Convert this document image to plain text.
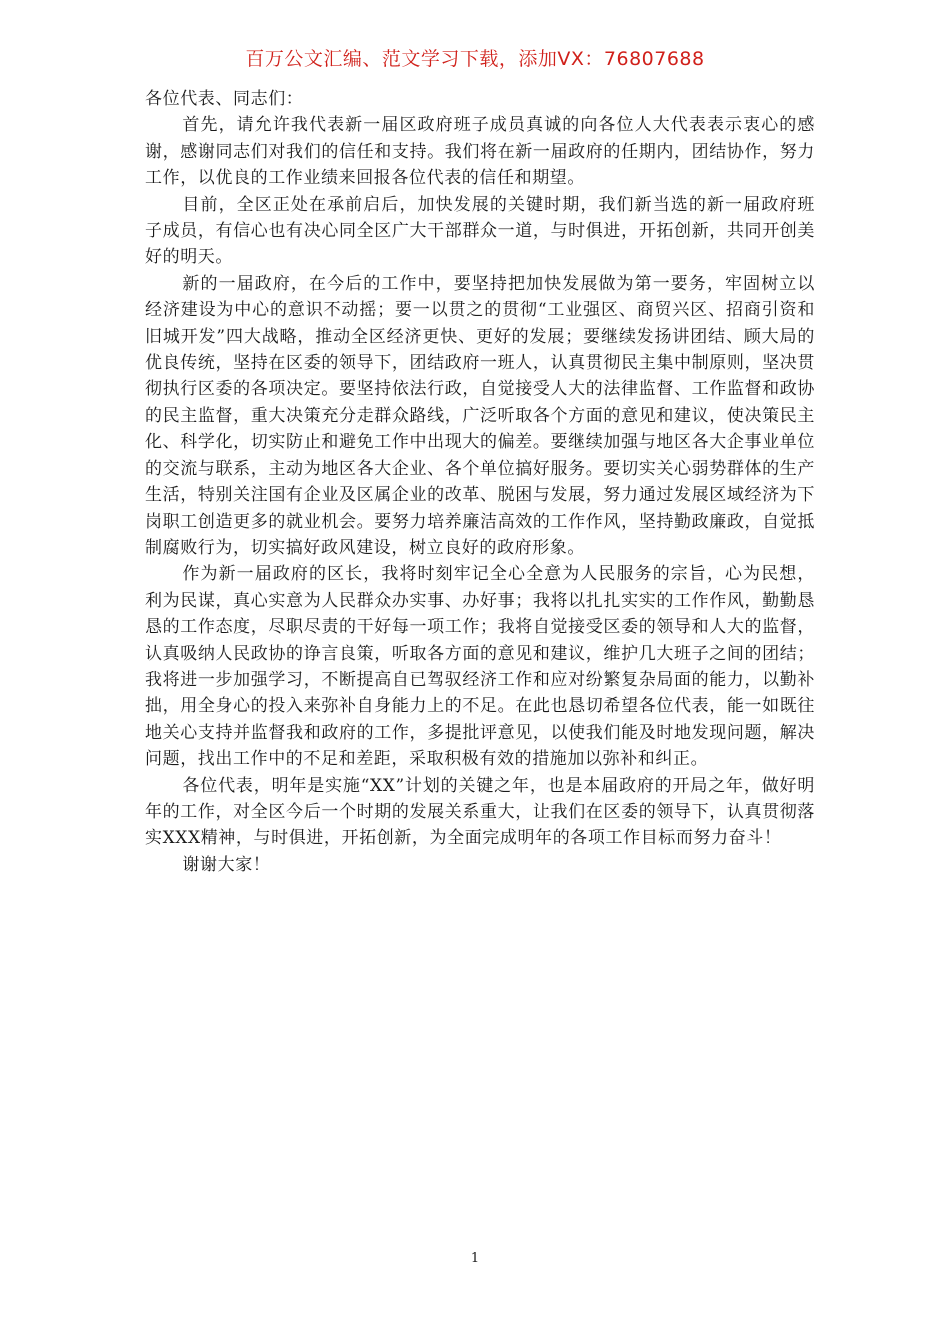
百万公文汇编、范文学习下载，添加VX：76807688

各位代表、同志们：

首先，请允许我代表新一届区政府班子成员真诚的向各位人大代表表示衷心的感谢，感谢同志们对我们的信任和支持。我们将在新一届政府的任期内，团结协作，努力工作，以优良的工作业绩来回报各位代表的信任和期望。

目前，全区正处在承前启后，加快发展的关键时期，我们新当选的新一届政府班子成员，有信心也有决心同全区广大干部群众一道，与时俱进，开拓创新，共同开创美好的明天。

新的一届政府，在今后的工作中，要坚持把加快发展做为第一要务，牢固树立以经济建设为中心的意识不动摇；要一以贯之的贯彻“工业强区、商贸兴区、招商引资和旧城开发”四大战略，推动全区经济更快、更好的发展；要继续发扬讲团结、顾大局的优良传统，坚持在区委的领导下，团结政府一班人，认真贯彻民主集中制原则，坚决贯彻执行区委的各项决定。要坚持依法行政，自觉接受人大的法律监督、工作监督和政协的民主监督，重大决策充分走群众路线，广泛听取各个方面的意见和建议，使决策民主化、科学化，切实防止和避免工作中出现大的偏差。要继续加强与地区各大企事业单位的交流与联系，主动为地区各大企业、各个单位搞好服务。要切实关心弱势群体的生产生活，特别关注国有企业及区属企业的改革、脱困与发展，努力通过发展区域经济为下岗职工创造更多的就业机会。要努力培养廉洁高效的工作作风，坚持勤政廉政，自觉抵制腐败行为，切实搞好政风建设，树立良好的政府形象。

作为新一届政府的区长，我将时刻牢记全心全意为人民服务的宗旨，心为民想，利为民谋，真心实意为人民群众办实事、办好事；我将以扎扎实实的工作作风，勤勤恳恳的工作态度，尽职尽责的干好每一项工作；我将自觉接受区委的领导和人大的监督，认真吸纳人民政协的诤言良策，听取各方面的意见和建议，维护几大班子之间的团结；我将进一步加强学习，不断提高自已驾驭经济工作和应对纷繁复杂局面的能力，以勤补拙，用全身心的投入来弥补自身能力上的不足。在此也恳切希望各位代表，能一如既往地关心支持并监督我和政府的工作，多提批评意见，以使我们能及时地发现问题，解决问题，找出工作中的不足和差距，采取积极有效的措施加以弥补和纠正。

各位代表，明年是实施“XX”计划的关键之年，也是本届政府的开局之年，做好明年的工作，对全区今后一个时期的发展关系重大，让我们在区委的领导下，认真贯彻落实XXX精神，与时俱进，开拓创新，为全面完成明年的各项工作目标而努力奋斗！

谢谢大家！

1
